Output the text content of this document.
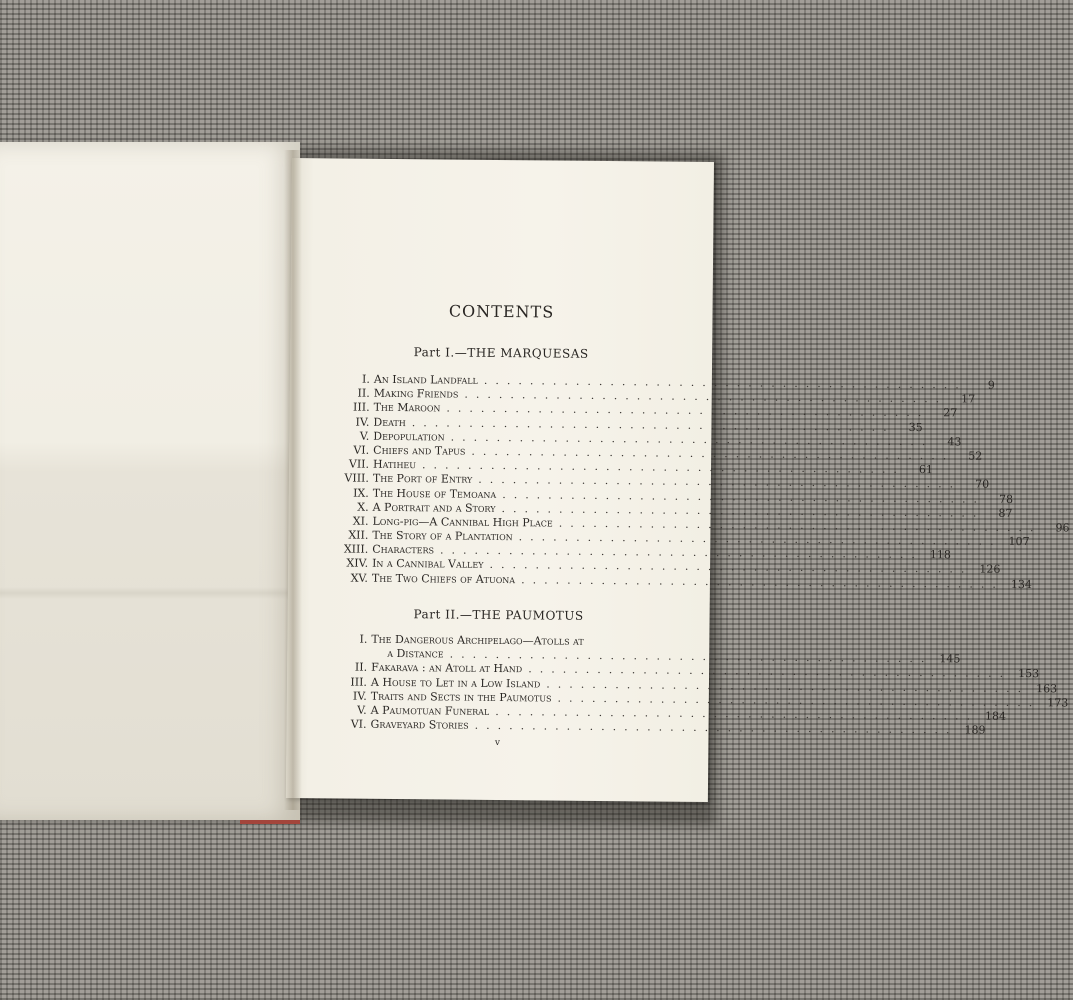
CONTENTS
Part I.—THE MARQUESAS
I. An Island Landfall ..........................................	9
II. Making Friends ..........................................	17
III. The Maroon ..........................................	27
IV. Death ..........................................	35
V. Depopulation ..........................................	43
VI. Chiefs and Tapus ..........................................	52
VII. Hatiheu ..........................................	61
VIII. The Port of Entry ..........................................	70
IX. The House of Temoana ..........................................	78
X. A Portrait and a Story ..........................................	87
XI. Long-pig—A Cannibal High Place ..........................................	96
XII. The Story of a Plantation .......................................... 107
XIII. Characters .......................................... 118
XIV. In a Cannibal Valley .......................................... 126
XV. The Two Chiefs of Atuona .......................................... 134
Part II.—THE PAUMOTUS
I. The Dangerous Archipelago—Atolls at
a Distance .......................................... 145
II. Fakarava : an Atoll at Hand .......................................... 153
III. A House to Let in a Low Island .......................................... 163
IV. Traits and Sects in the Paumotus .......................................... 173
V. A Paumotuan Funeral .......................................... 184
VI. Graveyard Stories .......................................... 189
v
